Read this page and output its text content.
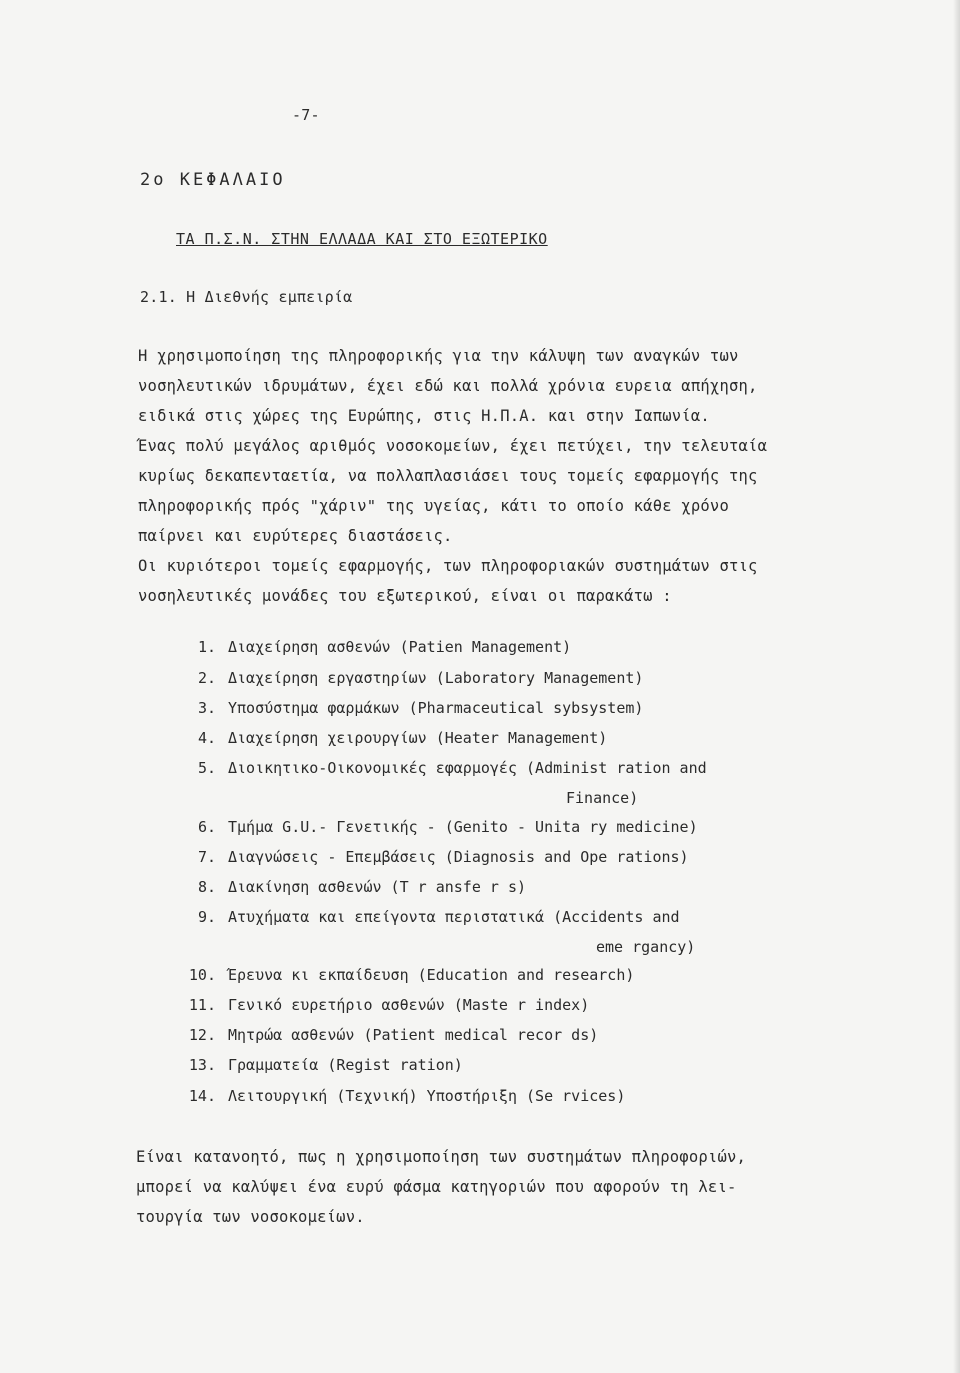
-7-
2ο ΚΕΦΑΛΑΙΟ
ΤΑ Π.Σ.Ν. ΣΤΗΝ ΕΛΛΑΔΑ ΚΑΙ ΣΤΟ ΕΞΩΤΕΡΙΚΟ
2.1. Η Διεθνής εμπειρία
Η χρησιμοποίηση της πληροφορικής για την κάλυψη των αναγκών των
νοσηλευτικών ιδρυμάτων, έχει εδώ και πολλά χρόνια ευρεια απήχηση,
ειδικά στις χώρες της Ευρώπης, στις Η.Π.Α. και στην Ιαπωνία.
Ένας πολύ μεγάλος αριθμός νοσοκομείων, έχει πετύχει, την τελευταία
κυρίως δεκαπενταετία, να πολλαπλασιάσει τους τομείς εφαρμογής της
πληροφορικής πρός "χάριν" της υγείας, κάτι το οποίο κάθε χρόνο
παίρνει και ευρύτερες διαστάσεις.
Οι κυριότεροι τομείς εφαρμογής, των πληροφοριακών συστημάτων στις
νοσηλευτικές μονάδες του εξωτερικού, είναι οι παρακάτω :
1. Διαχείρηση ασθενών (Patien Management)
2. Διαχείρηση εργαστηρίων (Laboratory Management)
3. Υποσύστημα φαρμάκων (Pharmaceutical sybsystem)
4. Διαχείρηση χειρουργίων (Heater Management)
5. Διοικητικο-Οικονομικές εφαρμογές (Administ ration and
Finance)
6. Τμήμα G.U.- Γενετικής - (Genito - Unita ry medicine)
7. Διαγνώσεις - Επεμβάσεις (Diagnosis and Ope rations)
8. Διακίνηση ασθενών (T r ansfe r s)
9. Ατυχήματα και επείγοντα περιστατικά (Accidents and
eme rgancy)
10. Έρευνα κι εκπαίδευση (Education and research)
11. Γενικό ευρετήριο ασθενών (Maste r index)
12. Μητρώα ασθενών (Patient medical recor ds)
13. Γραμματεία (Regist ration)
14. Λειτουργική (Τεχνική) Υποστήριξη (Se rvices)
Είναι κατανοητό, πως η χρησιμοποίηση των συστημάτων πληροφοριών,
μπορεί να καλύψει ένα ευρύ φάσμα κατηγοριών που αφορούν τη λει-
τουργία των νοσοκομείων.
